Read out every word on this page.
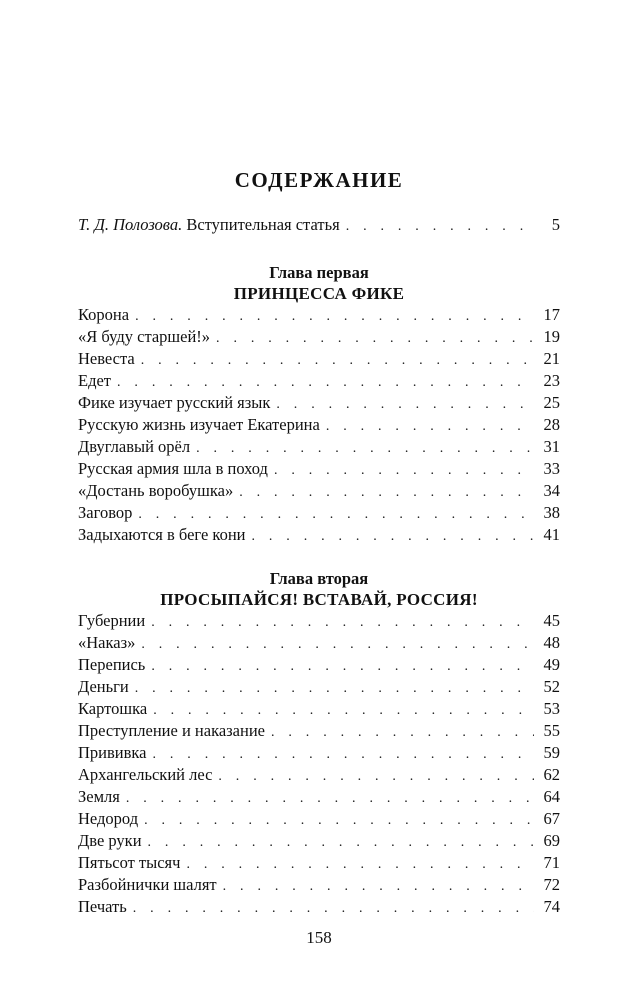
СОДЕРЖАНИЕ
Т. Д. Полозова. Вступительная статья . . .	5
Глава первая
ПРИНЦЕССА ФИКЕ
Корона . . .	17
«Я буду старшей!» . . .	19
Невеста . . .	21
Едет . . .	23
Фике изучает русский язык . . .	25
Русскую жизнь изучает Екатерина . . .	28
Двуглавый орёл . . .	31
Русская армия шла в поход . . .	33
«Достань воробушка» . . .	34
Заговор . . .	38
Задыхаются в беге кони . . .	41
Глава вторая
ПРОСЫПАЙСЯ! ВСТАВАЙ, РОССИЯ!
Губернии . . .	45
«Наказ» . . .	48
Перепись . . .	49
Деньги . . .	52
Картошка . . .	53
Преступление и наказание . . .	55
Прививка . . .	59
Архангельский лес . . .	62
Земля . . .	64
Недород . . .	67
Две руки . . .	69
Пятьсот тысяч . . .	71
Разбойнички шалят . . .	72
Печать . . .	74
158
